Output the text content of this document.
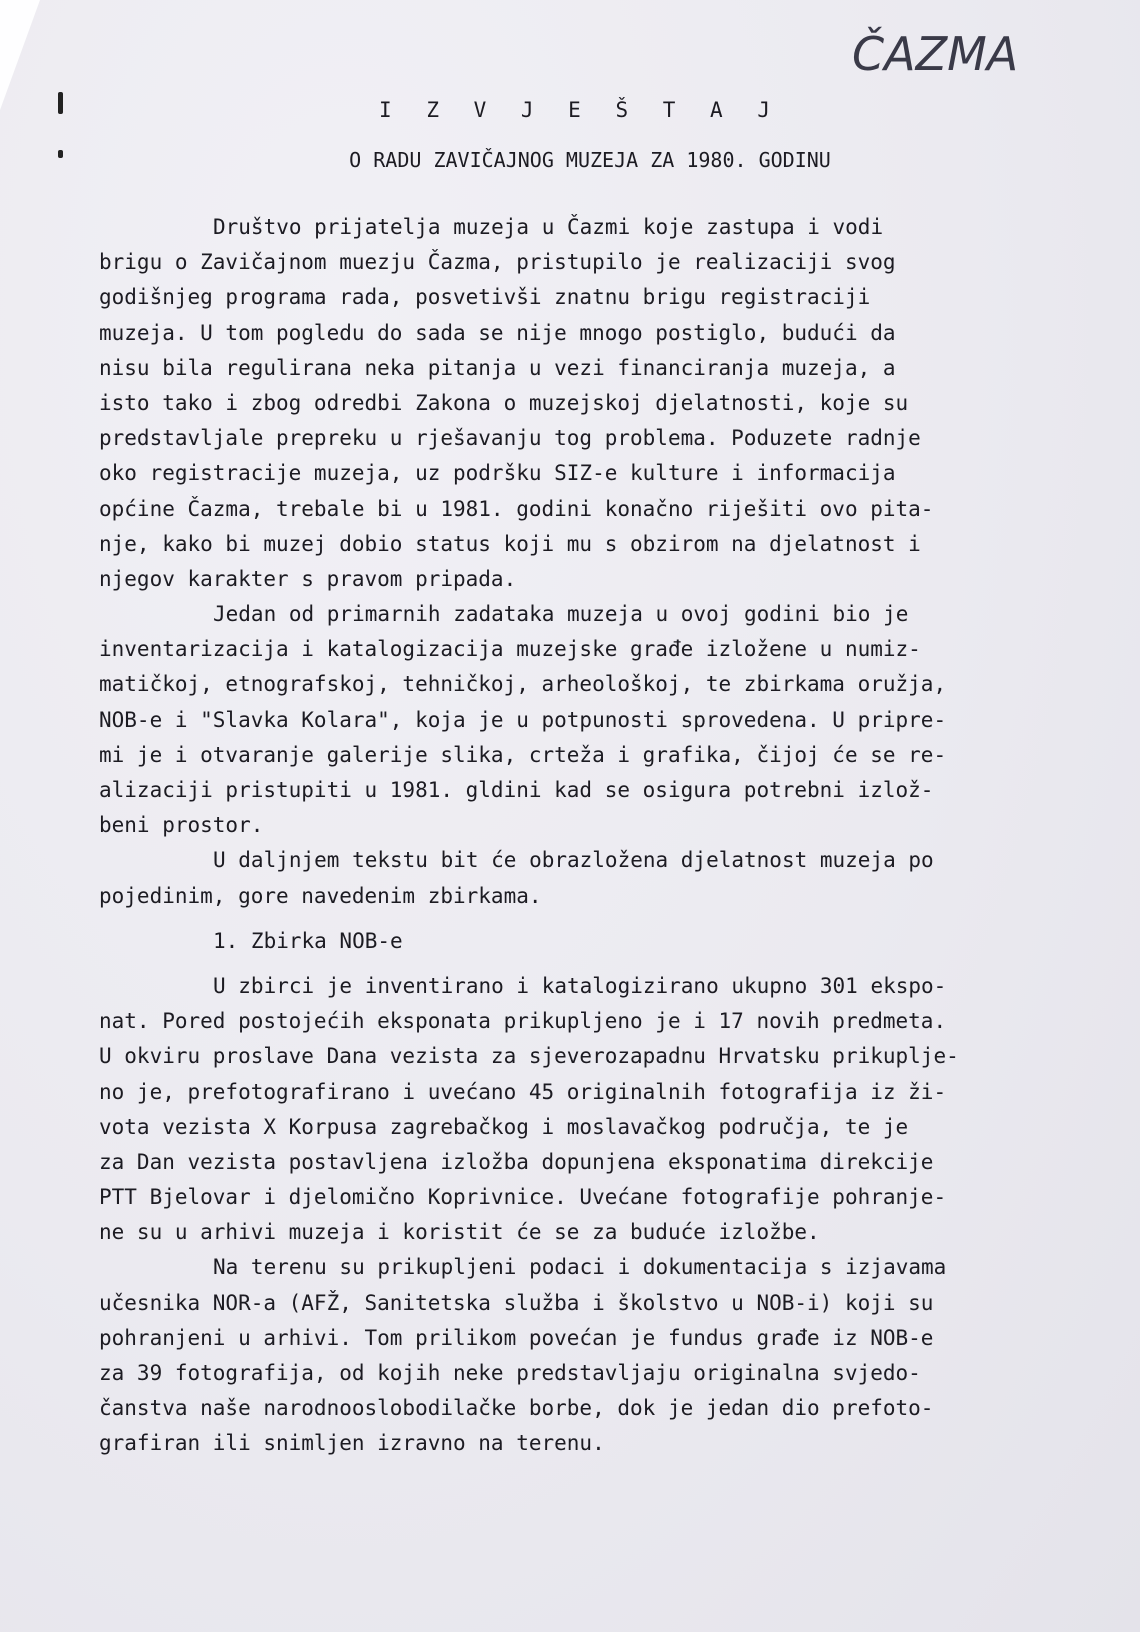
ČAZMA
I Z V J E Š T A J
O RADU ZAVIČAJNOG MUZEJA ZA 1980. GODINU
Društvo prijatelja muzeja u Čazmi koje zastupa i vodi
brigu o Zavičajnom muezju Čazma, pristupilo je realizaciji svog
godišnjeg programa rada, posvetivši znatnu brigu registraciji
muzeja. U tom pogledu do sada se nije mnogo postiglo, budući da
nisu bila regulirana neka pitanja u vezi financiranja muzeja, a
isto tako i zbog odredbi Zakona o muzejskoj djelatnosti, koje su
predstavljale prepreku u rješavanju tog problema. Poduzete radnje
oko registracije muzeja, uz podršku SIZ-e kulture i informacija
općine Čazma, trebale bi u 1981. godini konačno riješiti ovo pita-
nje, kako bi muzej dobio status koji mu s obzirom na djelatnost i
njegov karakter s pravom pripada.
Jedan od primarnih zadataka muzeja u ovoj godini bio je
inventarizacija i katalogizacija muzejske građe izložene u numiz-
matičkoj, etnografskoj, tehničkoj, arheološkoj, te zbirkama oružja,
NOB-e i "Slavka Kolara", koja je u potpunosti sprovedena. U pripre-
mi je i otvaranje galerije slika, crteža i grafika, čijoj će se re-
alizaciji pristupiti u 1981. gldini kad se osigura potrebni izlož-
beni prostor.
U daljnjem tekstu bit će obrazložena djelatnost muzeja po
pojedinim, gore navedenim zbirkama.
1. Zbirka NOB-e
U zbirci je inventirano i katalogizirano ukupno 301 ekspo-
nat. Pored postojećih eksponata prikupljeno je i 17 novih predmeta.
U okviru proslave Dana vezista za sjeverozapadnu Hrvatsku prikuplje-
no je, prefotografirano i uvećano 45 originalnih fotografija iz ži-
vota vezista X Korpusa zagrebačkog i moslavačkog područja, te je
za Dan vezista postavljena izložba dopunjena eksponatima direkcije
PTT Bjelovar i djelomično Koprivnice. Uvećane fotografije pohranje-
ne su u arhivi muzeja i koristit će se za buduće izložbe.
Na terenu su prikupljeni podaci i dokumentacija s izjavama
učesnika NOR-a (AFŽ, Sanitetska služba i školstvo u NOB-i) koji su
pohranjeni u arhivi. Tom prilikom povećan je fundus građe iz NOB-e
za 39 fotografija, od kojih neke predstavljaju originalna svjedo-
čanstva naše narodnooslobodilačke borbe, dok je jedan dio prefoto-
grafiran ili snimljen izravno na terenu.
